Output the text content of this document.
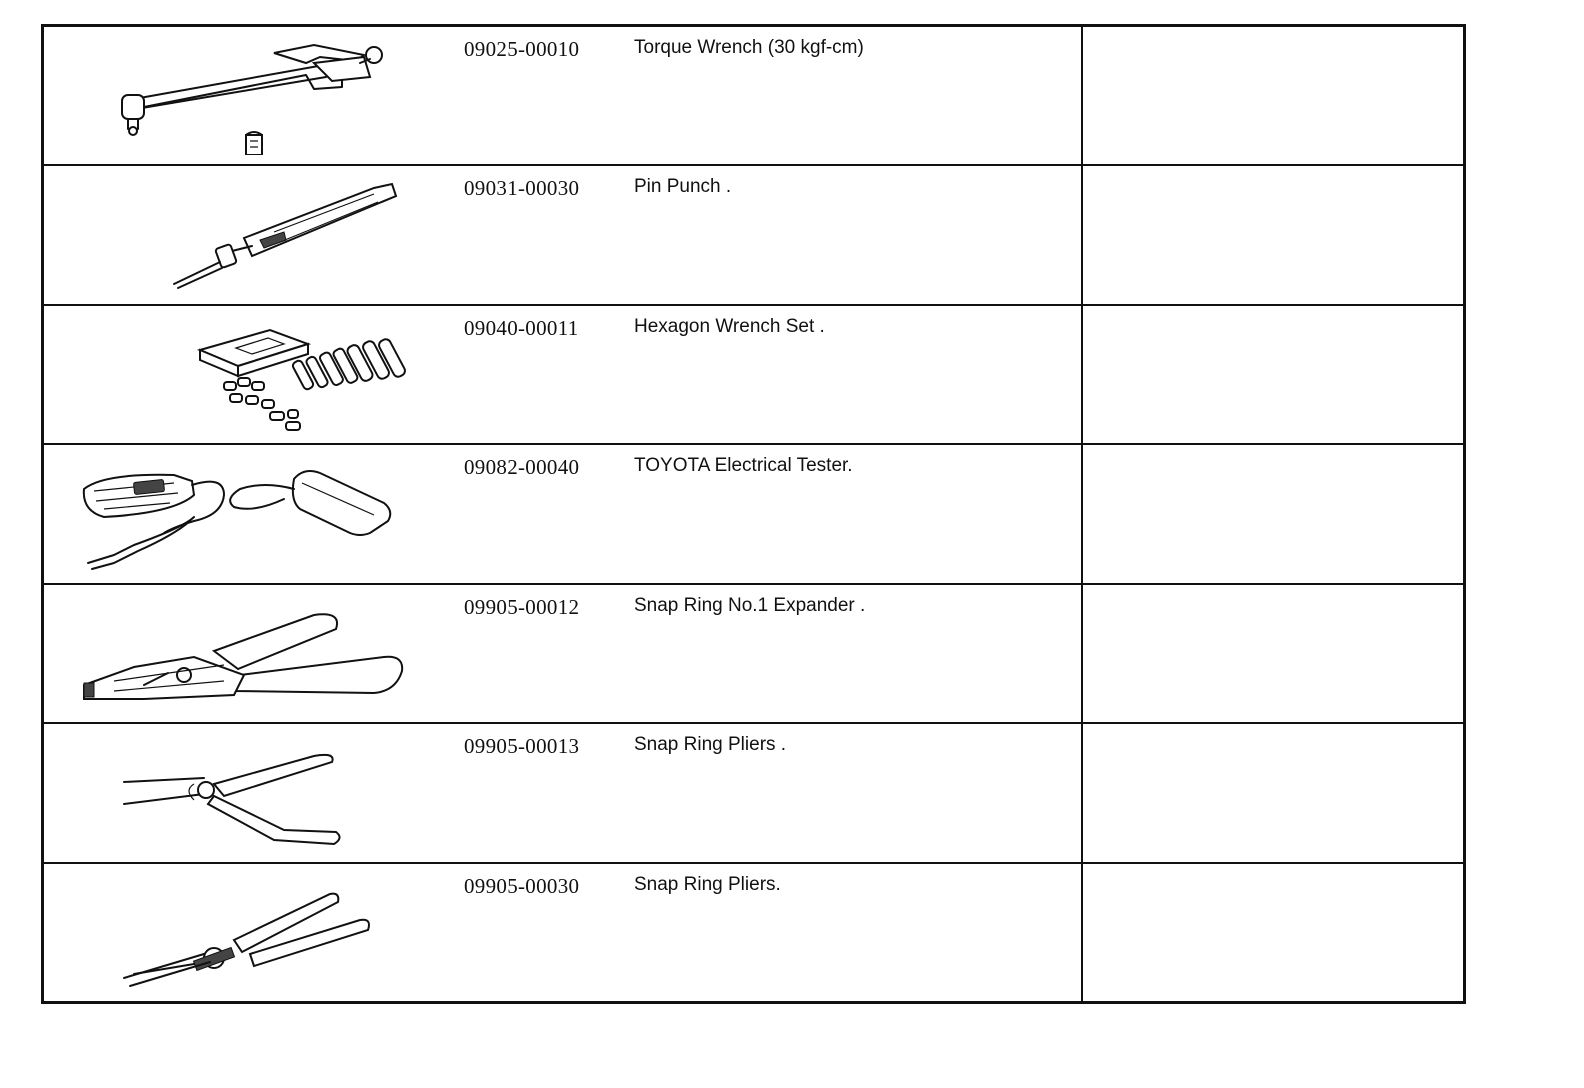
09025-00010	Torque Wrench (30 kgf-cm)
09031-00030	Pin Punch .
09040-00011	Hexagon Wrench Set .
09082-00040	TOYOTA Electrical Tester.
09905-00012	Snap Ring No.1 Expander .
09905-00013	Snap Ring Pliers .
09905-00030	Snap Ring Pliers.
